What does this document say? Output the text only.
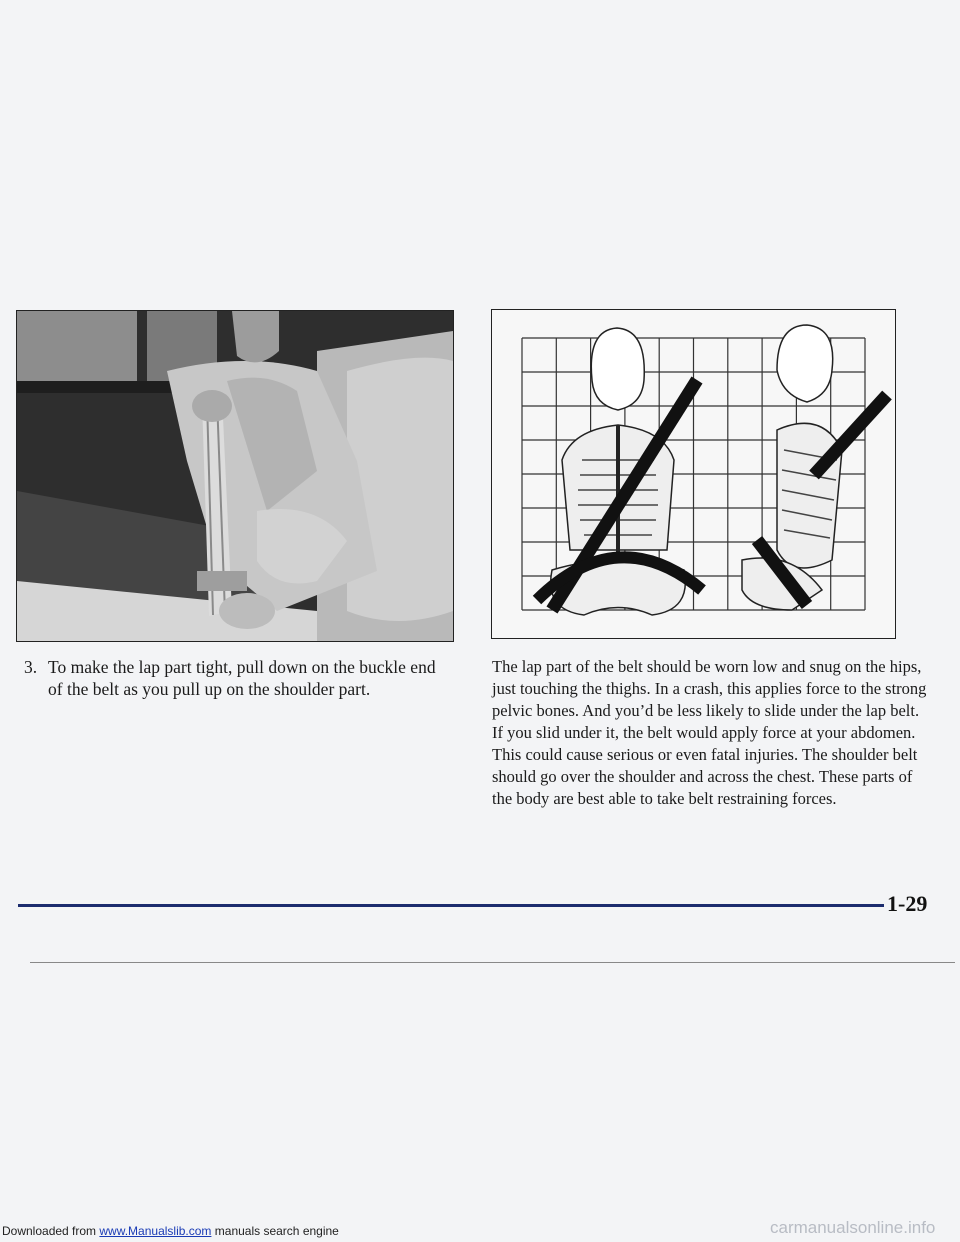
3. To make the lap part tight, pull down on the buckle end of the belt as you pull up on the shoulder part.
The lap part of the belt should be worn low and snug on the hips, just touching the thighs. In a crash, this applies force to the strong pelvic bones. And you’d be less likely to slide under the lap belt. If you slid under it, the belt would apply force at your abdomen. This could cause serious or even fatal injuries. The shoulder belt should go over the shoulder and across the chest. These parts of the body are best able to take belt restraining forces.
1-29
Downloaded from www.Manualslib.com manuals search engine	carmanualsonline.info
